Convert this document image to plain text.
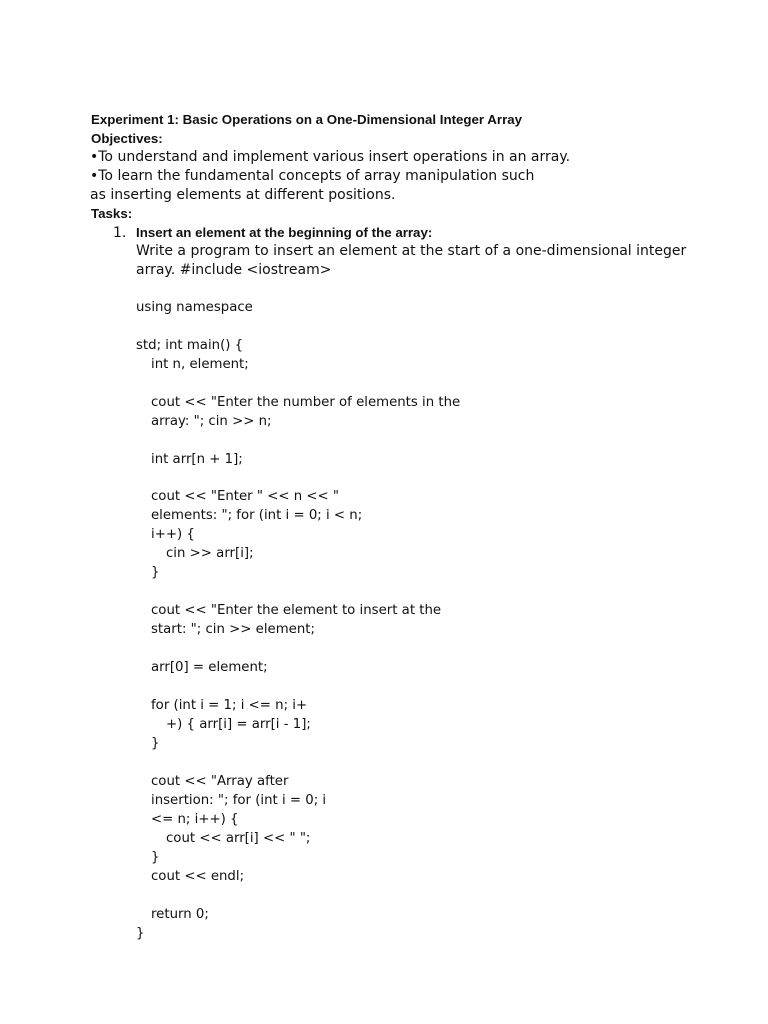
Experiment 1: Basic Operations on a One-Dimensional Integer Array
Objectives:
•To understand and implement various insert operations in an array.
•To learn the fundamental concepts of array manipulation such
as inserting elements at different positions.
Tasks:
1. Insert an element at the beginning of the array:
Write a program to insert an element at the start of a one-dimensional integer
array. #include <iostream>
using namespace
std; int main() {
int n, element;
cout << "Enter the number of elements in the
array: "; cin >> n;
int arr[n + 1];
cout << "Enter " << n << "
elements: "; for (int i = 0; i < n;
i++) {
cin >> arr[i];
}
cout << "Enter the element to insert at the
start: "; cin >> element;
arr[0] = element;
for (int i = 1; i <= n; i+
+) { arr[i] = arr[i - 1];
}
cout << "Array after
insertion: "; for (int i = 0; i
<= n; i++) {
cout << arr[i] << " ";
}
cout << endl;
return 0;
}
